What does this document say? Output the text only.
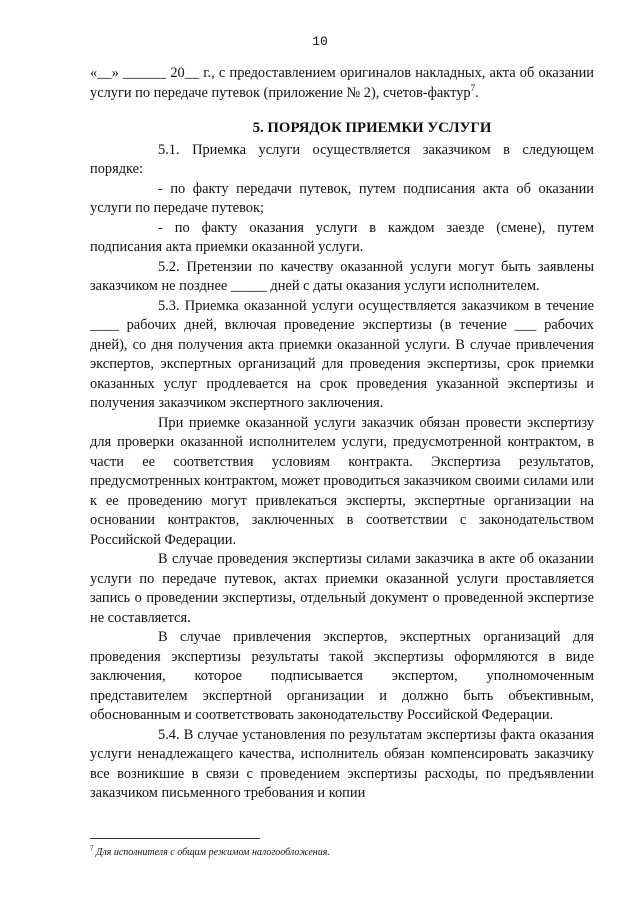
10

«__» ______ 20__ г., с предоставлением оригиналов накладных, акта об оказании услуги по передаче путевок (приложение № 2), счетов-фактур$^7$.

5. ПОРЯДОК ПРИЕМКИ УСЛУГИ

5.1. Приемка услуги осуществляется заказчиком в следующем порядке:

- по факту передачи путевок, путем подписания акта об оказании услуги по передаче путевок;

- по факту оказания услуги в каждом заезде (смене), путем подписания акта приемки оказанной услуги.

5.2. Претензии по качеству оказанной услуги могут быть заявлены заказчиком не позднее _____ дней с даты оказания услуги исполнителем.

5.3. Приемка оказанной услуги осуществляется заказчиком в течение ____ рабочих дней, включая проведение экспертизы (в течение ___ рабочих дней), со дня получения акта приемки оказанной услуги. В случае привлечения экспертов, экспертных организаций для проведения экспертизы, срок приемки оказанных услуг продлевается на срок проведения указанной экспертизы и получения заказчиком экспертного заключения.

При приемке оказанной услуги заказчик обязан провести экспертизу для проверки оказанной исполнителем услуги, предусмотренной контрактом, в части ее соответствия условиям контракта. Экспертиза результатов, предусмотренных контрактом, может проводиться заказчиком своими силами или к ее проведению могут привлекаться эксперты, экспертные организации на основании контрактов, заключенных в соответствии с законодательством Российской Федерации.

В случае проведения экспертизы силами заказчика в акте об оказании услуги по передаче путевок, актах приемки оказанной услуги проставляется запись о проведении экспертизы, отдельный документ о проведенной экспертизе не составляется.

В случае привлечения экспертов, экспертных организаций для проведения экспертизы результаты такой экспертизы оформляются в виде заключения, которое подписывается экспертом, уполномоченным представителем экспертной организации и должно быть объективным, обоснованным и соответствовать законодательству Российской Федерации.

5.4. В случае установления по результатам экспертизы факта оказания услуги ненадлежащего качества, исполнитель обязан компенсировать заказчику все возникшие в связи с проведением экспертизы расходы, по предъявлении заказчиком письменного требования и копии

$^7$ Для исполнителя с общим режимом налогообложения.
